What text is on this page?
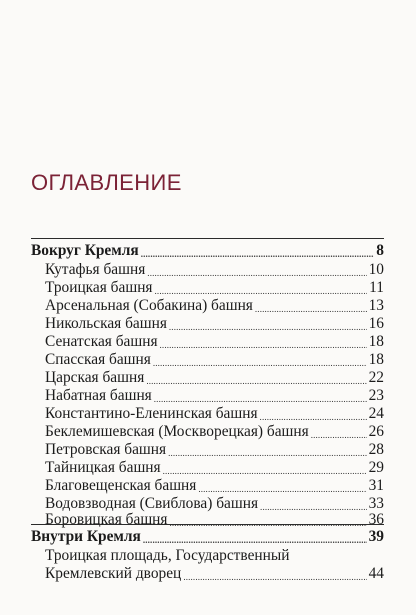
ОГЛАВЛЕНИЕ
Вокруг Кремля . . .	8
Кутафья башня . . .	10
Троицкая башня . . .	11
Арсенальная (Собакина) башня . . .	13
Никольская башня . . .	16
Сенатская башня . . .	18
Спасская башня . . .	18
Царская башня . . .	22
Набатная башня . . .	23
Константино-Еленинская башня . . .	24
Беклемишевская (Москворецкая) башня . . .	26
Петровская башня . . .	28
Тайницкая башня . . .	29
Благовещенская башня . . .	31
Водовзводная (Свиблова) башня . . .	33
Боровицкая башня . . .	36
Внутри Кремля . . .	39
Троицкая площадь, Государственный
Кремлевский дворец . . .	44
